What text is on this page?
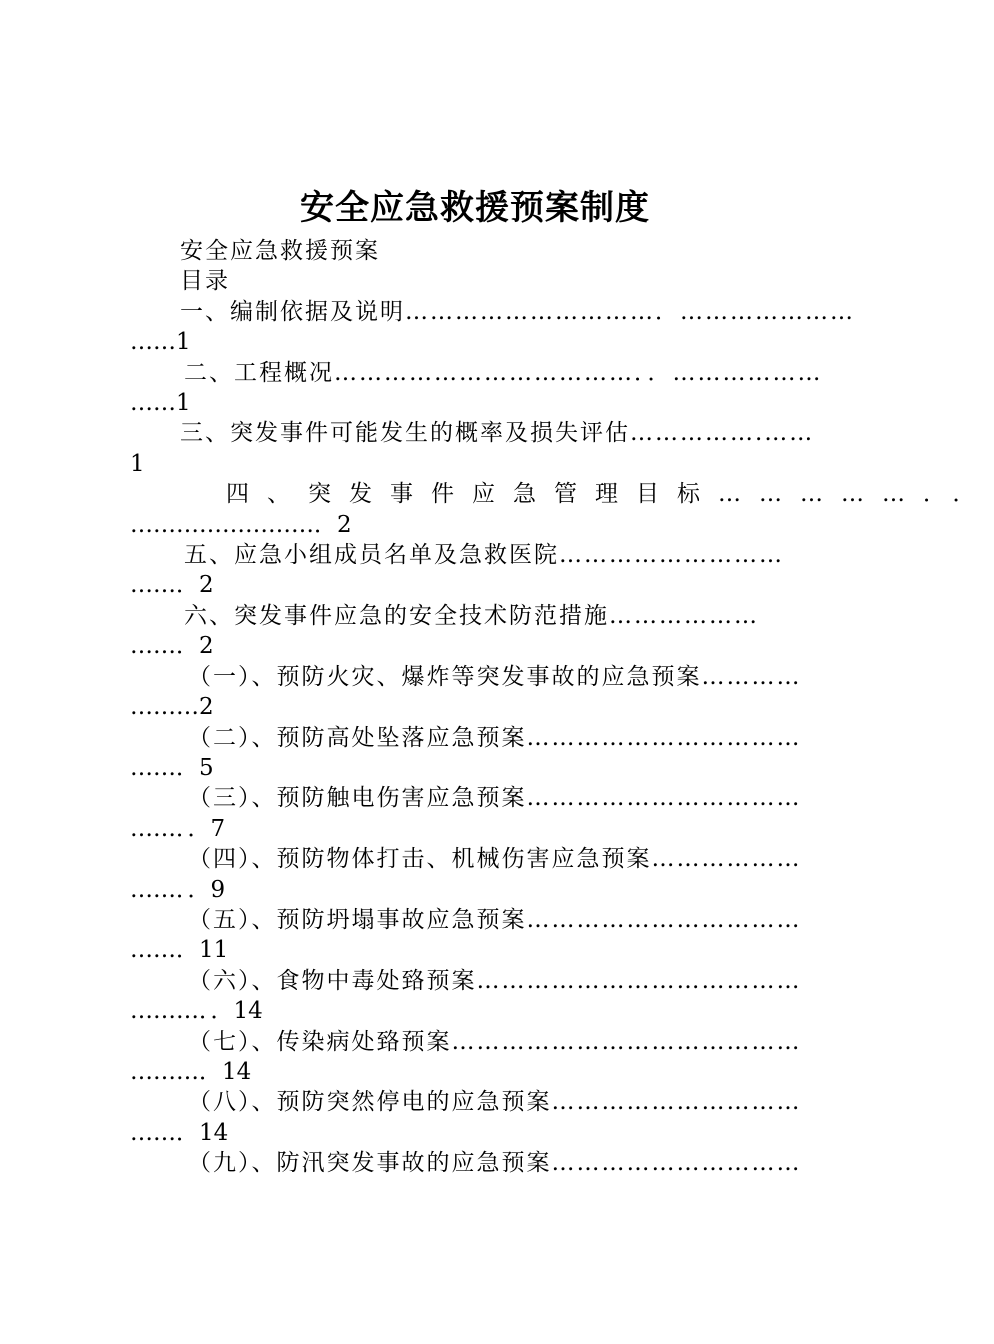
安全应急救援预案制度
安全应急救援预案
目录
一、编制依据及说明…………………………．…………………
……1
二、工程概况………………………………．．………………
……1
三、突发事件可能发生的概率及损失评估…………….……
1
四、突发事件应急管理目标……………．．
……………………．2
五、应急小组成员名单及急救医院………………………
……．2
六、突发事件应急的安全技术防范措施………………
……．2
（一）、预防火灾、爆炸等突发事故的应急预案…………
………2
（二）、预防高处坠落应急预案……………………………
……．5
（三）、预防触电伤害应急预案……………………………
……．．7
（四）、预防物体打击、机械伤害应急预案………………
……．．9
（五）、预防坍塌事故应急预案……………………………
……．11
（六）、食物中毒处臵预案…………………………………
………．．14
（七）、传染病处臵预案……………………………………
………．14
（八）、预防突然停电的应急预案…………………………
……．14
（九）、防汛突发事故的应急预案…………………………
